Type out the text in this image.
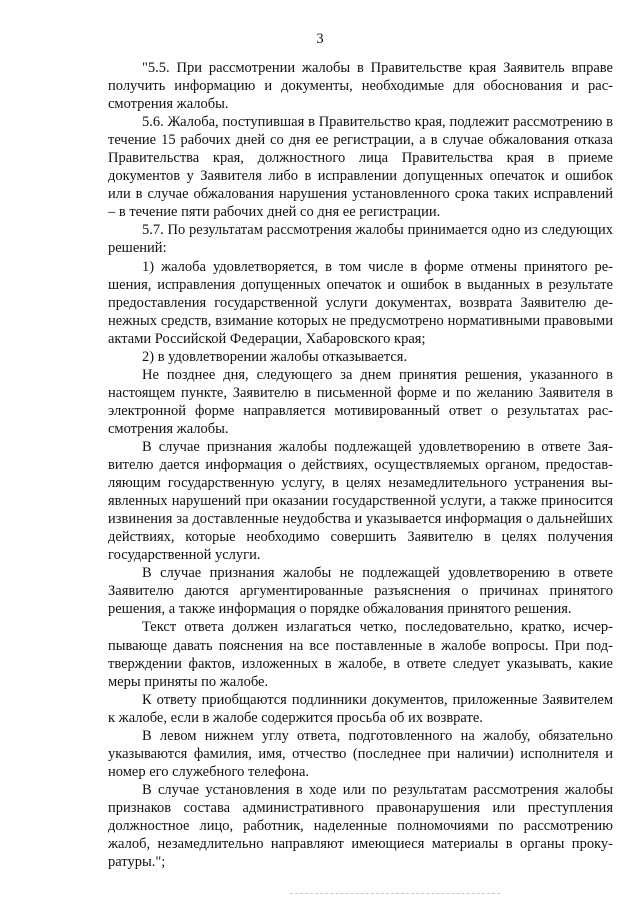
3

"5.5. При рассмотрении жалобы в Правительстве края Заявитель вправе получить информацию и документы, необходимые для обоснования и рассмотрения жалобы.

5.6. Жалоба, поступившая в Правительство края, подлежит рассмотрению в течение 15 рабочих дней со дня ее регистрации, а в случае обжалования отказа Правительства края, должностного лица Правительства края в приеме документов у Заявителя либо в исправлении допущенных опечаток и ошибок или в случае обжалования нарушения установленного срока таких исправлений – в течение пяти рабочих дней со дня ее регистрации.

5.7. По результатам рассмотрения жалобы принимается одно из следующих решений:

1) жалоба удовлетворяется, в том числе в форме отмены принятого решения, исправления допущенных опечаток и ошибок в выданных в результате предоставления государственной услуги документах, возврата Заявителю денежных средств, взимание которых не предусмотрено нормативными правовыми актами Российской Федерации, Хабаровского края;

2) в удовлетворении жалобы отказывается.

Не позднее дня, следующего за днем принятия решения, указанного в настоящем пункте, Заявителю в письменной форме и по желанию Заявителя в электронной форме направляется мотивированный ответ о результатах рассмотрения жалобы.

В случае признания жалобы подлежащей удовлетворению в ответе Заявителю дается информация о действиях, осуществляемых органом, предоставляющим государственную услугу, в целях незамедлительного устранения выявленных нарушений при оказании государственной услуги, а также приносится извинения за доставленные неудобства и указывается информация о дальнейших действиях, которые необходимо совершить Заявителю в целях получения государственной услуги.

В случае признания жалобы не подлежащей удовлетворению в ответе Заявителю даются аргументированные разъяснения о причинах принятого решения, а также информация о порядке обжалования принятого решения.

Текст ответа должен излагаться четко, последовательно, кратко, исчерпывающе давать пояснения на все поставленные в жалобе вопросы. При подтверждении фактов, изложенных в жалобе, в ответе следует указывать, какие меры приняты по жалобе.

К ответу приобщаются подлинники документов, приложенные Заявителем к жалобе, если в жалобе содержится просьба об их возврате.

В левом нижнем углу ответа, подготовленного на жалобу, обязательно указываются фамилия, имя, отчество (последнее при наличии) исполнителя и номер его служебного телефона.

В случае установления в ходе или по результатам рассмотрения жалобы признаков состава административного правонарушения или преступления должностное лицо, работник, наделенные полномочиями по рассмотрению жалоб, незамедлительно направляют имеющиеся материалы в органы прокуратуры.";
